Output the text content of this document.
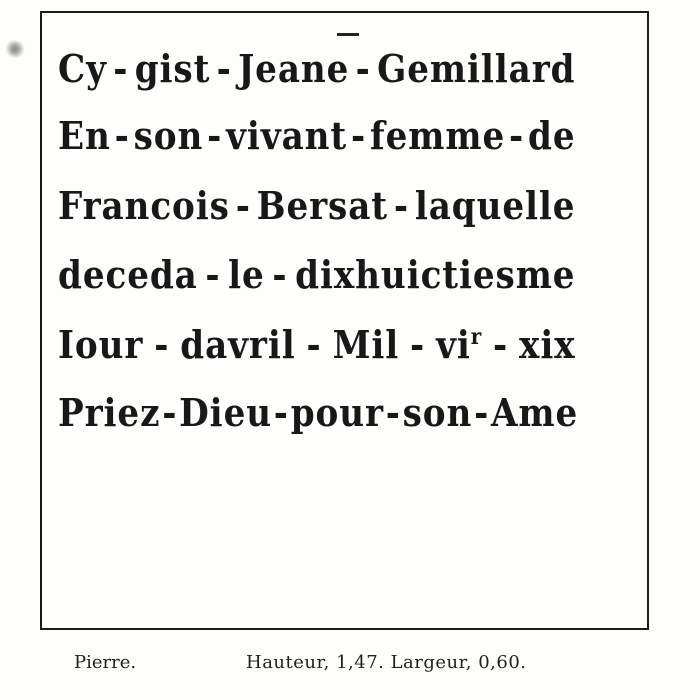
Cy - gist - Jeane - Gemillard
En - son - vivant - femme - de
Francois - Bersat - laquelle
deceda - le - dixhuictiesme
Iour - davril - Mil - $vi^r$ - xix
Priez - Dieu - pour - son - Ame
Pierre.	Hauteur, 1,47. Largeur, 0,60.
